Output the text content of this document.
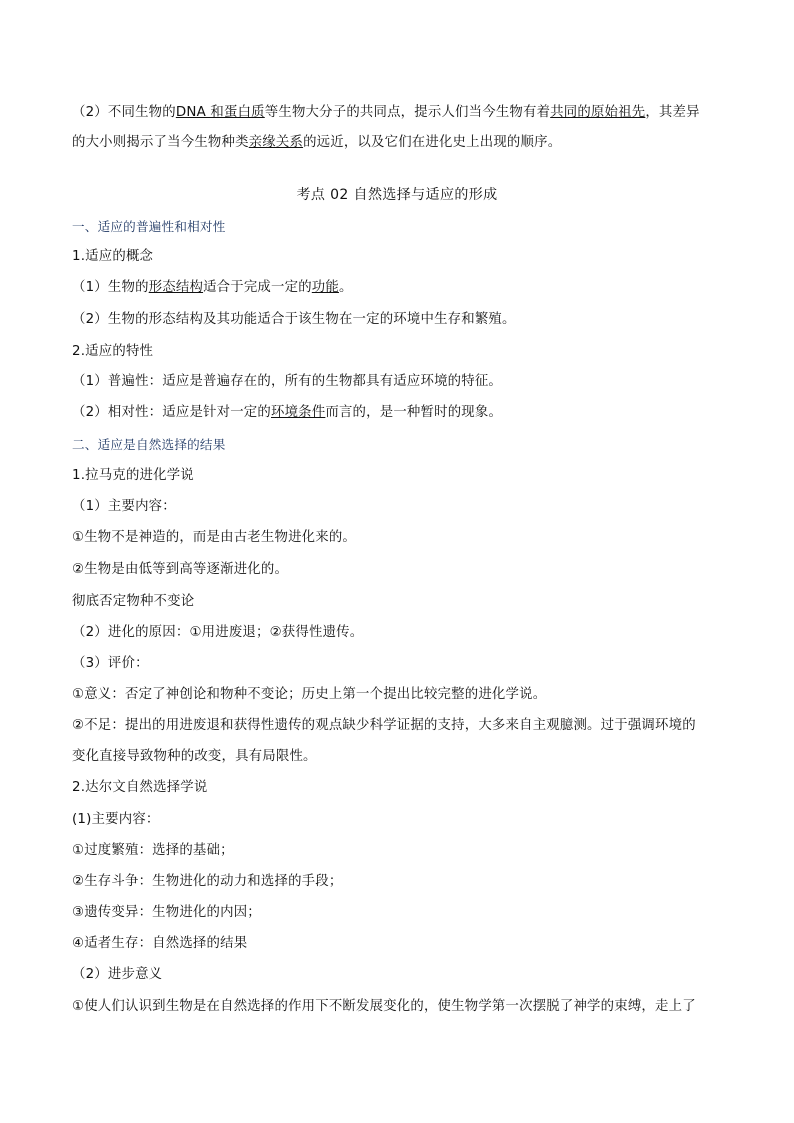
（2）不同生物的DNA 和蛋白质等生物大分子的共同点，提示人们当今生物有着共同的原始祖先，其差异
的大小则揭示了当今生物种类亲缘关系的远近，以及它们在进化史上出现的顺序。
考点 02 自然选择与适应的形成
一、适应的普遍性和相对性
1.适应的概念
（1）生物的形态结构适合于完成一定的功能。
（2）生物的形态结构及其功能适合于该生物在一定的环境中生存和繁殖。
2.适应的特性
（1）普遍性：适应是普遍存在的，所有的生物都具有适应环境的特征。
（2）相对性：适应是针对一定的环境条件而言的，是一种暂时的现象。
二、适应是自然选择的结果
1.拉马克的进化学说
（1）主要内容：
①生物不是神造的，而是由古老生物进化来的。
②生物是由低等到高等逐渐进化的。
彻底否定物种不变论
（2）进化的原因：①用进废退；②获得性遗传。
（3）评价：
①意义：否定了神创论和物种不变论；历史上第一个提出比较完整的进化学说。
②不足：提出的用进废退和获得性遗传的观点缺少科学证据的支持，大多来自主观臆测。过于强调环境的
变化直接导致物种的改变，具有局限性。
2.达尔文自然选择学说
(1)主要内容：
①过度繁殖：选择的基础；
②生存斗争：生物进化的动力和选择的手段；
③遗传变异：生物进化的内因；
④适者生存：自然选择的结果
（2）进步意义
①使人们认识到生物是在自然选择的作用下不断发展变化的，使生物学第一次摆脱了神学的束缚，走上了
